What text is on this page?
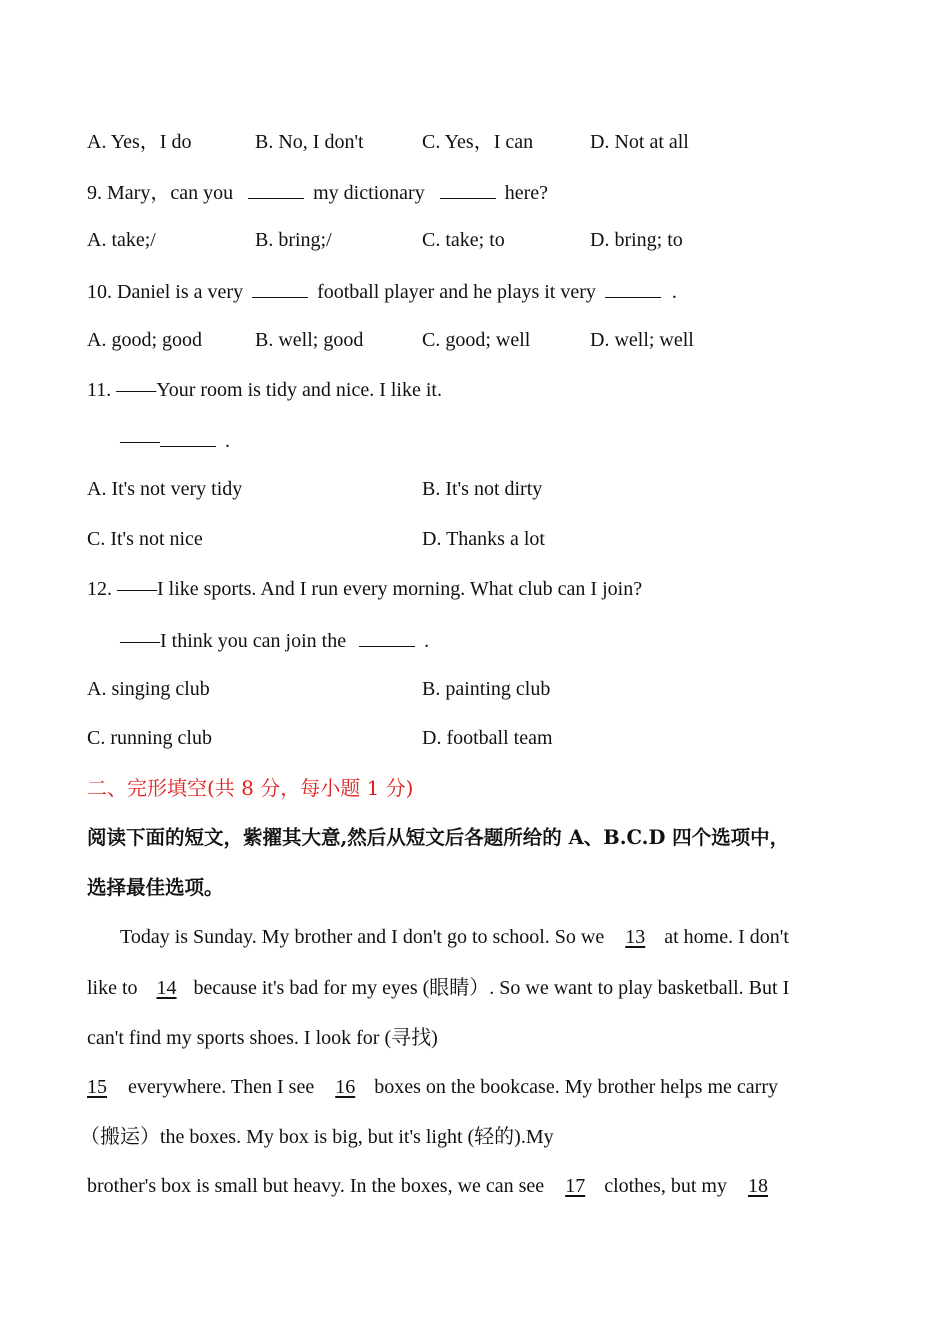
A. Yes，I do	B. No, I don't	C. Yes，I can	D. Not at all
9. Mary，can you	my dictionary	here?
A. take;/	B. bring;/	C. take; to	D. bring; to
10. Daniel is a very	football player and he plays it very	.
A. good; good	B. well; good	C. good; well	D. well; well
11. ——Your room is tidy and nice. I like it.
——	.
A. It's not very tidy	B. It's not dirty
C. It's not nice	D. Thanks a lot
12. ——I like sports. And I run every morning. What club can I join?
——I think you can join the	.
A. singing club	B. painting club
C. running club	D. football team
二、完形填空(共 8 分，每小题 1 分)
阅读下面的短文，紫擢其大意,然后从短文后各题所给的 A、B.C.D 四个选项中，
选择最佳选项。
Today is Sunday. My brother and I don't go to school. So we 13 at home. I don't
like to 14 because it's bad for my eyes (眼睛）. So we want to play basketball. But I
can't find my sports shoes. I look for (寻找)
15 everywhere. Then I see 16 boxes on the bookcase. My brother helps me carry
（搬运）the boxes. My box is big, but it's light (轻的).My
brother's box is small but heavy. In the boxes, we can see 17 clothes, but my 18
